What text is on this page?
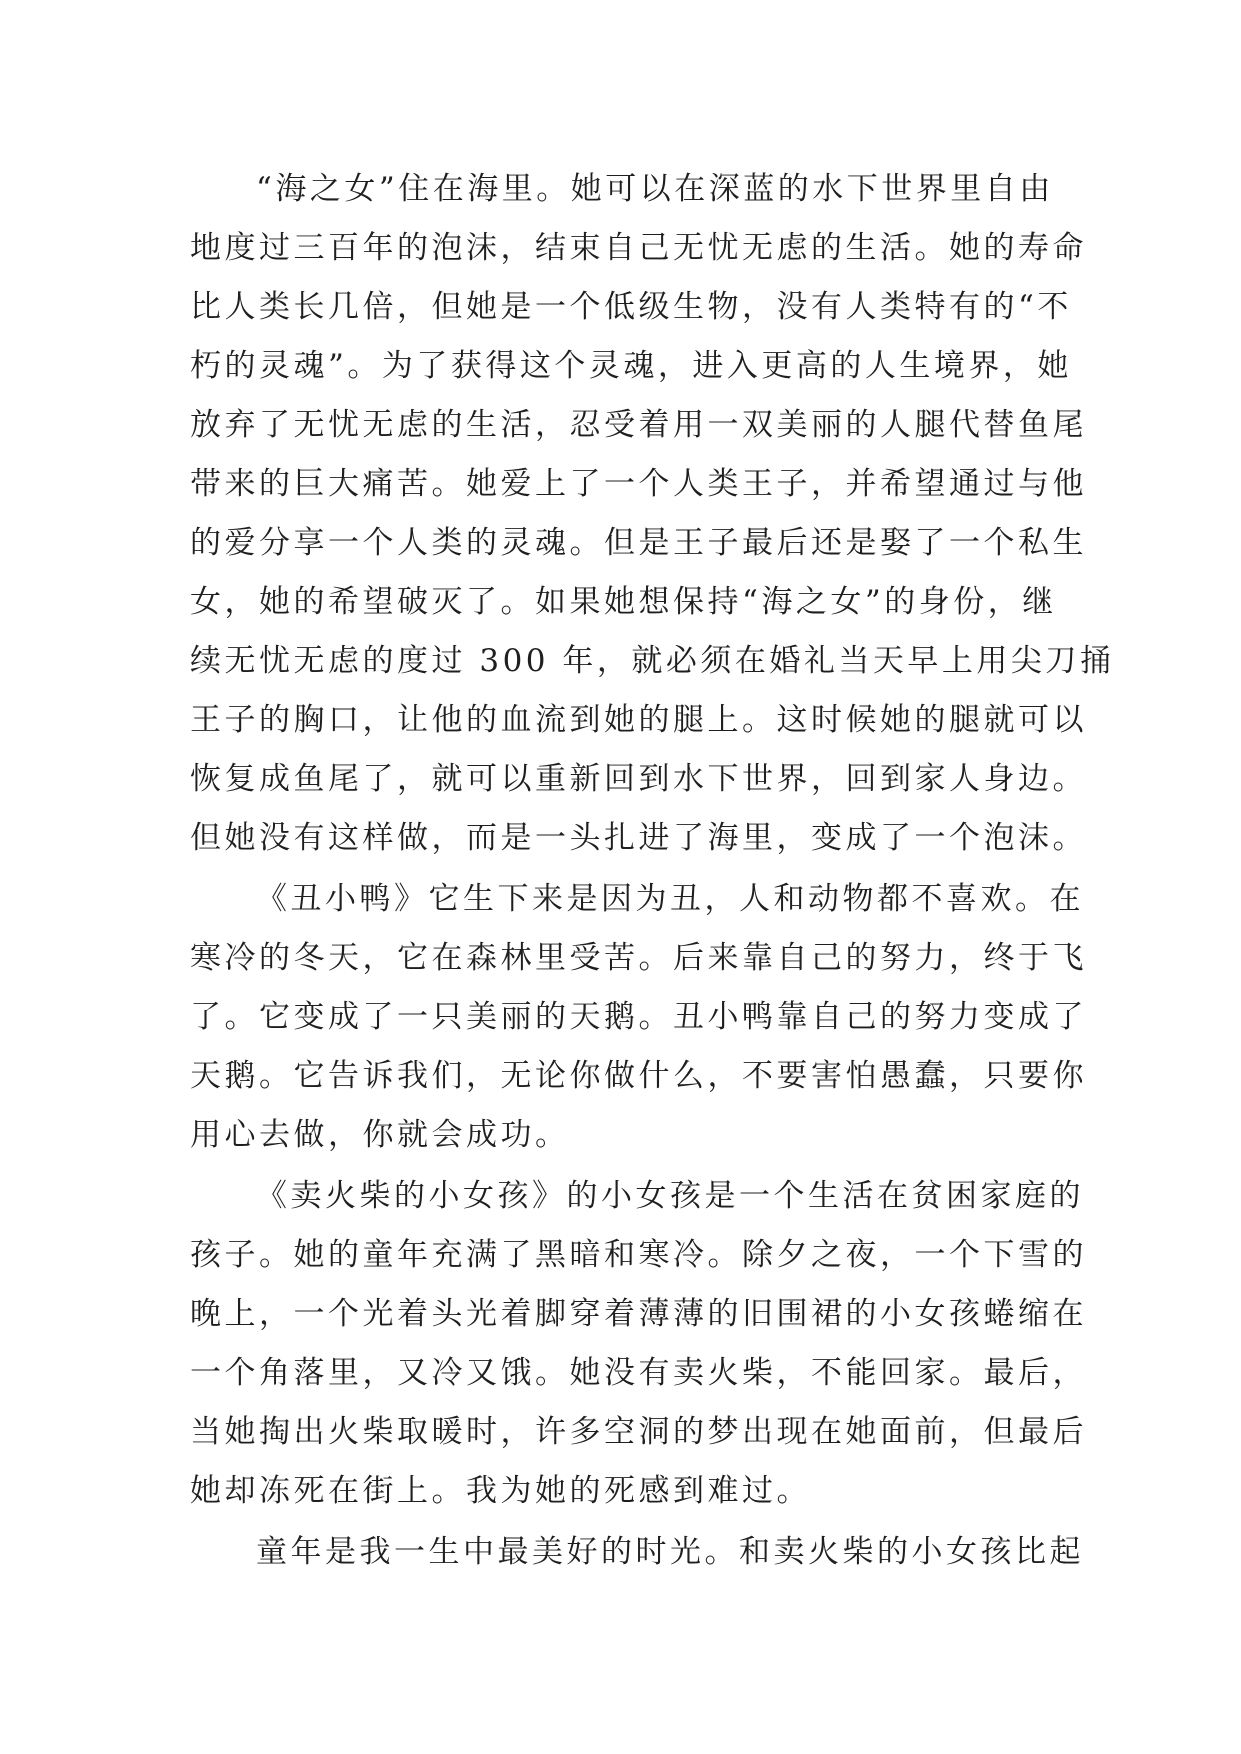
“海之女”住在海里。她可以在深蓝的水下世界里自由
地度过三百年的泡沫，结束自己无忧无虑的生活。她的寿命
比人类长几倍，但她是一个低级生物，没有人类特有的“不
朽的灵魂”。为了获得这个灵魂，进入更高的人生境界，她
放弃了无忧无虑的生活，忍受着用一双美丽的人腿代替鱼尾
带来的巨大痛苦。她爱上了一个人类王子，并希望通过与他
的爱分享一个人类的灵魂。但是王子最后还是娶了一个私生
女，她的希望破灭了。如果她想保持“海之女”的身份，继
续无忧无虑的度过 300 年，就必须在婚礼当天早上用尖刀捅
王子的胸口，让他的血流到她的腿上。这时候她的腿就可以
恢复成鱼尾了，就可以重新回到水下世界，回到家人身边。
但她没有这样做，而是一头扎进了海里，变成了一个泡沫。
《丑小鸭》它生下来是因为丑，人和动物都不喜欢。在
寒冷的冬天，它在森林里受苦。后来靠自己的努力，终于飞
了。它变成了一只美丽的天鹅。丑小鸭靠自己的努力变成了
天鹅。它告诉我们，无论你做什么，不要害怕愚蠢，只要你
用心去做，你就会成功。
《卖火柴的小女孩》的小女孩是一个生活在贫困家庭的
孩子。她的童年充满了黑暗和寒冷。除夕之夜，一个下雪的
晚上，一个光着头光着脚穿着薄薄的旧围裙的小女孩蜷缩在
一个角落里，又冷又饿。她没有卖火柴，不能回家。最后，
当她掏出火柴取暖时，许多空洞的梦出现在她面前，但最后
她却冻死在街上。我为她的死感到难过。
童年是我一生中最美好的时光。和卖火柴的小女孩比起
